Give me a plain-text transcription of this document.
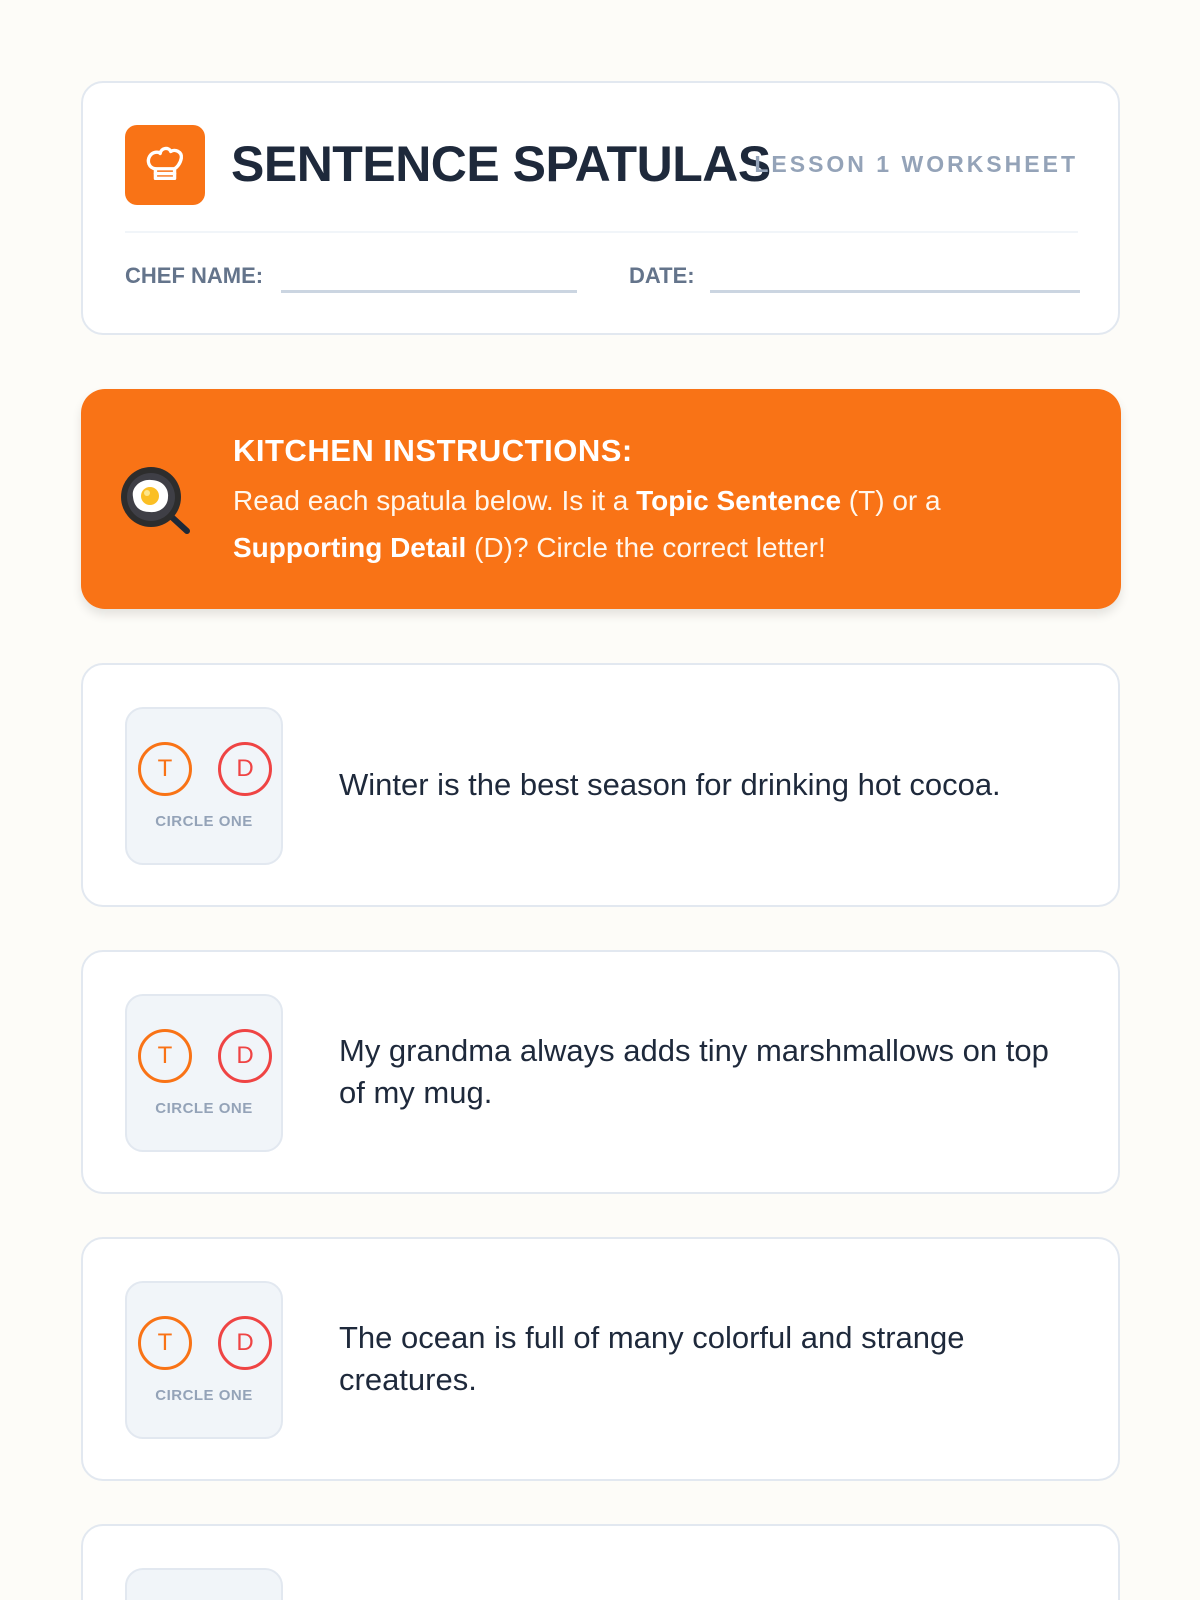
SENTENCE SPATULAS
LESSON 1 WORKSHEET
CHEF NAME:	DATE:
KITCHEN INSTRUCTIONS:
Read each spatula below. Is it a Topic Sentence (T) or a Supporting Detail (D)? Circle the correct letter!
T	D
CIRCLE ONE
Winter is the best season for drinking hot cocoa.
T	D
CIRCLE ONE
My grandma always adds tiny marshmallows on top of my mug.
T	D
CIRCLE ONE
The ocean is full of many colorful and strange creatures.
